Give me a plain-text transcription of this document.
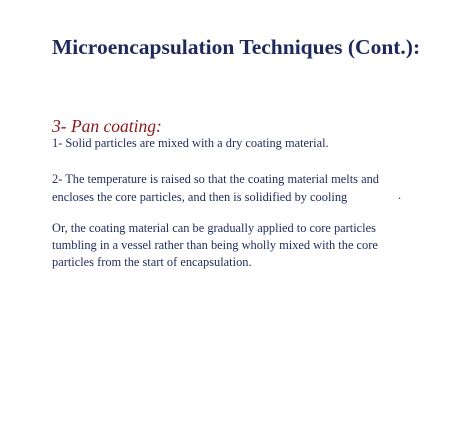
Microencapsulation Techniques (Cont.):

3- Pan coating:

1- Solid particles are mixed with a dry coating material.

2- The temperature is raised so that the coating material melts and encloses the core particles, and then is solidified by cooling	.

Or, the coating material can be gradually applied to core particles tumbling in a vessel rather than being wholly mixed with the core particles from the start of encapsulation.
